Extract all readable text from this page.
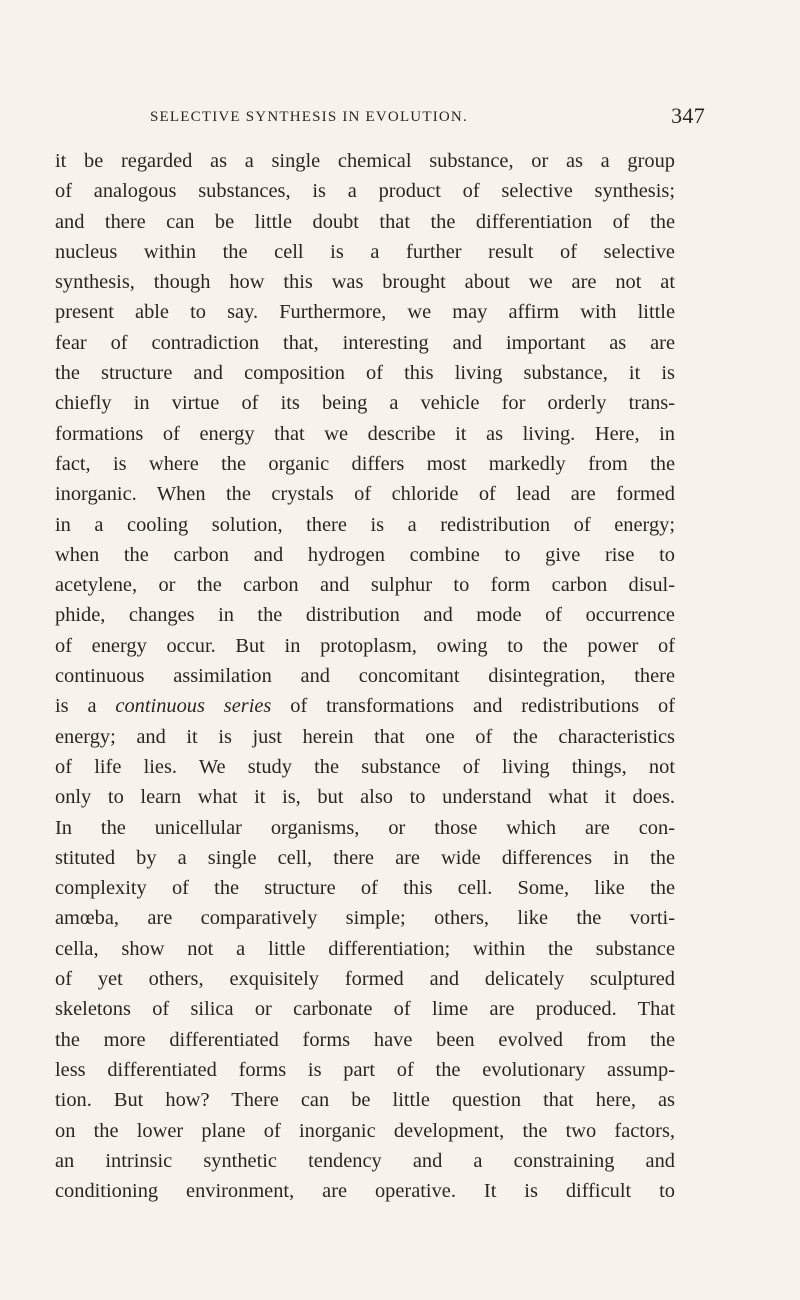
SELECTIVE SYNTHESIS IN EVOLUTION.	347
it be regarded as a single chemical substance, or as a group
of analogous substances, is a product of selective synthesis;
and there can be little doubt that the differentiation of the
nucleus within the cell is a further result of selective
synthesis, though how this was brought about we are not at
present able to say. Furthermore, we may affirm with little
fear of contradiction that, interesting and important as are
the structure and composition of this living substance, it is
chiefly in virtue of its being a vehicle for orderly trans-
formations of energy that we describe it as living. Here, in
fact, is where the organic differs most markedly from the
inorganic. When the crystals of chloride of lead are formed
in a cooling solution, there is a redistribution of energy;
when the carbon and hydrogen combine to give rise to
acetylene, or the carbon and sulphur to form carbon disul-
phide, changes in the distribution and mode of occurrence
of energy occur. But in protoplasm, owing to the power of
continuous assimilation and concomitant disintegration, there
is a continuous series of transformations and redistributions of
energy; and it is just herein that one of the characteristics
of life lies. We study the substance of living things, not
only to learn what it is, but also to understand what it does.
In the unicellular organisms, or those which are con-
stituted by a single cell, there are wide differences in the
complexity of the structure of this cell. Some, like the
amœba, are comparatively simple; others, like the vorti-
cella, show not a little differentiation; within the substance
of yet others, exquisitely formed and delicately sculptured
skeletons of silica or carbonate of lime are produced. That
the more differentiated forms have been evolved from the
less differentiated forms is part of the evolutionary assump-
tion. But how? There can be little question that here, as
on the lower plane of inorganic development, the two factors,
an intrinsic synthetic tendency and a constraining and
conditioning environment, are operative. It is difficult to
